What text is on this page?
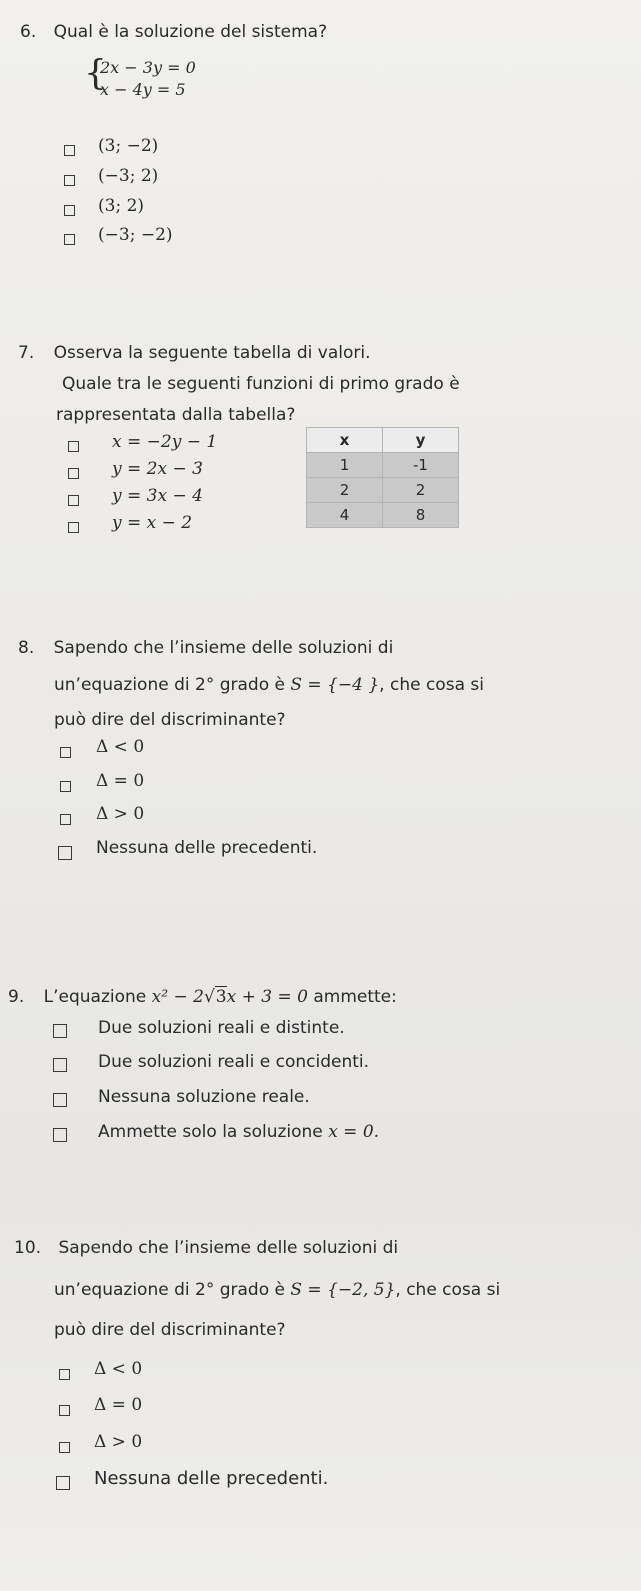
6. Qual è la soluzione del sistema?
{
2x − 3y = 0
x − 4y = 5
(3; −2)
(−3; 2)
(3; 2)
(−3; −2)
7. Osserva la seguente tabella di valori.
Quale tra le seguenti funzioni di primo grado è
rappresentata dalla tabella?
x = −2y − 1
y = 2x − 3
y = 3x − 4
y = x − 2
x	y
1	-1
2	2
4	8
8. Sapendo che l’insieme delle soluzioni di
un’equazione di 2° grado è S = {−4 }, che cosa si
può dire del discriminante?
Δ < 0
Δ = 0
Δ > 0
Nessuna delle precedenti.
9. L’equazione x² − 2√3x + 3 = 0 ammette:
Due soluzioni reali e distinte.
Due soluzioni reali e concidenti.
Nessuna soluzione reale.
Ammette solo la soluzione x = 0.
10. Sapendo che l’insieme delle soluzioni di
un’equazione di 2° grado è S = {−2, 5}, che cosa si
può dire del discriminante?
Δ < 0
Δ = 0
Δ > 0
Nessuna delle precedenti.
